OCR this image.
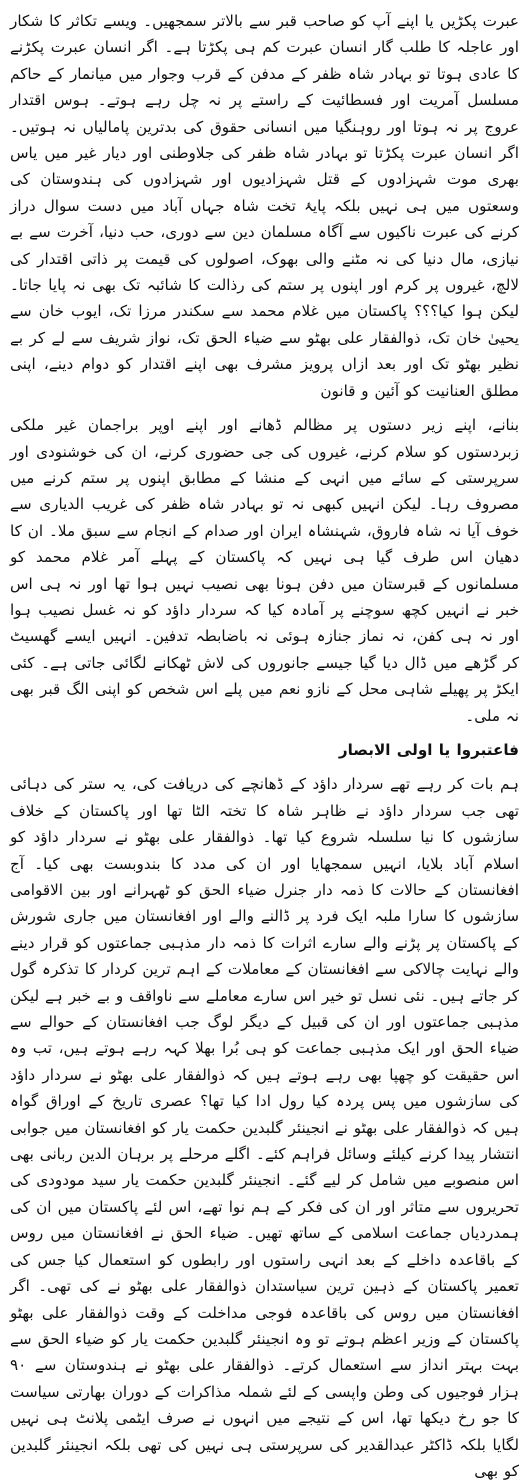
عبرت پکڑیں یا اپنے آپ کو صاحب قبر سے بالاتر سمجھیں۔ ویسے تکاثر کا شکار اور عاجلہ کا طلب گار انسان عبرت کم ہی پکڑتا ہے۔ اگر انسان عبرت پکڑنے کا عادی ہوتا تو بہادر شاہ ظفر کے مدفن کے قرب وجوار میں میانمار کے حاکم مسلسل آمریت اور فسطائیت کے راستے پر نہ چل رہے ہوتے۔ ہوس اقتدار عروج پر نہ ہوتا اور روہنگیا میں انسانی حقوق کی بدترین پامالیاں نہ ہوتیں۔ اگر انسان عبرت پکڑتا تو بہادر شاہ ظفر کی جلاوطنی اور دیار غیر میں یاس بھری موت شہزادوں کے قتل شہزادیوں اور شہزادوں کی ہندوستان کی وسعتوں میں ہی نہیں بلکہ پایۂ تخت شاہ جہاں آباد میں دست سوال دراز کرنے کی عبرت ناکیوں سے آگاہ مسلمان دین سے دوری، حب دنیا، آخرت سے بے نیازی، مال دنیا کی نہ مٹنے والی بھوک، اصولوں کی قیمت پر ذاتی اقتدار کی لالچ، غیروں پر کرم اور اپنوں پر ستم کی رذالت کا شائبہ تک بھی نہ پایا جاتا۔ لیکن ہوا کیا؟؟؟ پاکستان میں غلام محمد سے سکندر مرزا تک، ایوب خان سے یحییٰ خان تک، ذوالفقار علی بھٹو سے ضیاء الحق تک، نواز شریف سے لے کر بے نظیر بھٹو تک اور بعد ازاں پرویز مشرف بھی اپنے اقتدار کو دوام دینے، اپنی مطلق العنانیت کو آئین و قانون

بنانے، اپنے زیر دستوں پر مظالم ڈھانے اور اپنے اوپر براجمان غیر ملکی زبردستوں کو سلام کرنے، غیروں کی جی حضوری کرنے، ان کی خوشنودی اور سرپرستی کے سائے میں انہی کے منشا کے مطابق اپنوں پر ستم کرنے میں مصروف رہا۔ لیکن انہیں کبھی نہ تو بہادر شاہ ظفر کی غریب الدیاری سے خوف آیا نہ شاہ فاروق، شہنشاہ ایران اور صدام کے انجام سے سبق ملا۔ ان کا دھیان اس طرف گیا ہی نہیں کہ پاکستان کے پہلے آمر غلام محمد کو مسلمانوں کے قبرستان میں دفن ہونا بھی نصیب نہیں ہوا تھا اور نہ ہی اس خبر نے انہیں کچھ سوچنے پر آمادہ کیا کہ سردار داؤد کو نہ غسل نصیب ہوا اور نہ ہی کفن، نہ نماز جنازہ ہوئی نہ باضابطہ تدفین۔ انہیں ایسے گھسیٹ کر گڑھے میں ڈال دیا گیا جیسے جانوروں کی لاش ٹھکانے لگائی جاتی ہے۔ کئی ایکڑ پر پھیلے شاہی محل کے نازو نعم میں پلے اس شخص کو اپنی الگ قبر بھی نہ ملی۔

فاعتبروا یا اولی الابصار

ہم بات کر رہے تھے سردار داؤد کے ڈھانچے کی دریافت کی، یہ ستر کی دہائی تھی جب سردار داؤد نے ظاہر شاہ کا تختہ الٹا تھا اور پاکستان کے خلاف سازشوں کا نیا سلسلہ شروع کیا تھا۔ ذوالفقار علی بھٹو نے سردار داؤد کو اسلام آباد بلایا، انہیں سمجھایا اور ان کی مدد کا بندوبست بھی کیا۔ آج افغانستان کے حالات کا ذمہ دار جنرل ضیاء الحق کو ٹھہرانے اور بین الاقوامی سازشوں کا سارا ملبہ ایک فرد پر ڈالنے والے اور افغانستان میں جاری شورش کے پاکستان پر پڑنے والے سارے اثرات کا ذمہ دار مذہبی جماعتوں کو قرار دینے والے نہایت چالاکی سے افغانستان کے معاملات کے اہم ترین کردار کا تذکرہ گول کر جاتے ہیں۔ نئی نسل تو خیر اس سارے معاملے سے ناواقف و بے خبر ہے لیکن مذہبی جماعتوں اور ان کی قبیل کے دیگر لوگ جب افغانستان کے حوالے سے ضیاء الحق اور ایک مذہبی جماعت کو ہی بُرا بھلا کہہ رہے ہوتے ہیں، تب وہ اس حقیقت کو چھپا بھی رہے ہوتے ہیں کہ ذوالفقار علی بھٹو نے سردار داؤد کی سازشوں میں پس پردہ کیا رول ادا کیا تھا؟ عصری تاریخ کے اوراق گواہ ہیں کہ ذوالفقار علی بھٹو نے انجینئر گلبدین حکمت یار کو افغانستان میں جوابی انتشار پیدا کرنے کیلئے وسائل فراہم کئے۔ اگلے مرحلے پر برہان الدین ربانی بھی اس منصوبے میں شامل کر لیے گئے۔ انجینئر گلبدین حکمت یار سید مودودی کی تحریروں سے متاثر اور ان کی فکر کے ہم نوا تھے، اس لئے پاکستان میں ان کی ہمدردیاں جماعت اسلامی کے ساتھ تھیں۔ ضیاء الحق نے افغانستان میں روس کے باقاعدہ داخلے کے بعد انہی راستوں اور رابطوں کو استعمال کیا جس کی تعمیر پاکستان کے ذہین ترین سیاستدان ذوالفقار علی بھٹو نے کی تھی۔ اگر افغانستان میں روس کی باقاعدہ فوجی مداخلت کے وقت ذوالفقار علی بھٹو پاکستان کے وزیر اعظم ہوتے تو وہ انجینئر گلبدین حکمت یار کو ضیاء الحق سے بہت بہتر انداز سے استعمال کرتے۔ ذوالفقار علی بھٹو نے ہندوستان سے ۹۰ ہزار فوجیوں کی وطن واپسی کے لئے شملہ مذاکرات کے دوران بھارتی سیاست کا جو رخ دیکھا تھا، اس کے نتیجے میں انہوں نے صرف ایٹمی پلانٹ ہی نہیں لگایا بلکہ ڈاکٹر عبدالقدیر کی سرپرستی ہی نہیں کی تھی بلکہ انجینئر گلبدین کو بھی
